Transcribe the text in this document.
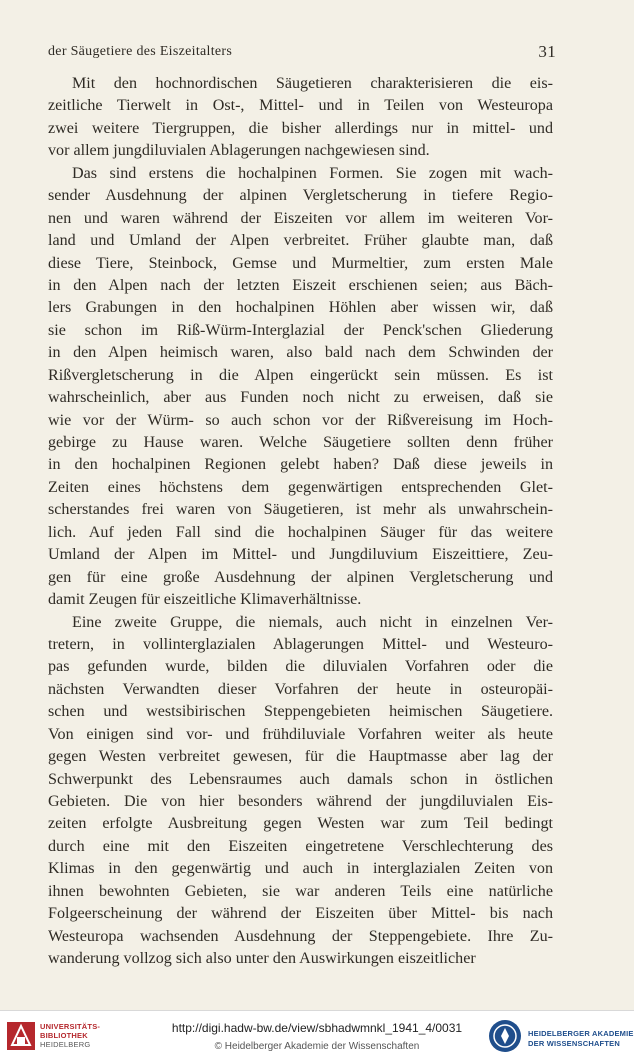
der Säugetiere des Eiszeitalters	31
Mit den hochnordischen Säugetieren charakterisieren die eis-
zeitliche Tierwelt in Ost-, Mittel- und in Teilen von Westeuropa
zwei weitere Tiergruppen, die bisher allerdings nur in mittel- und
vor allem jungdiluvialen Ablagerungen nachgewiesen sind.
Das sind erstens die hochalpinen Formen. Sie zogen mit wach-
sender Ausdehnung der alpinen Vergletscherung in tiefere Regio-
nen und waren während der Eiszeiten vor allem im weiteren Vor-
land und Umland der Alpen verbreitet. Früher glaubte man, daß
diese Tiere, Steinbock, Gemse und Murmeltier, zum ersten Male
in den Alpen nach der letzten Eiszeit erschienen seien; aus Bäch-
lers Grabungen in den hochalpinen Höhlen aber wissen wir, daß
sie schon im Riß-Würm-Interglazial der Penck'schen Gliederung
in den Alpen heimisch waren, also bald nach dem Schwinden der
Rißvergletscherung in die Alpen eingerückt sein müssen. Es ist
wahrscheinlich, aber aus Funden noch nicht zu erweisen, daß sie
wie vor der Würm- so auch schon vor der Rißvereisung im Hoch-
gebirge zu Hause waren. Welche Säugetiere sollten denn früher
in den hochalpinen Regionen gelebt haben? Daß diese jeweils in
Zeiten eines höchstens dem gegenwärtigen entsprechenden Glet-
scherstandes frei waren von Säugetieren, ist mehr als unwahrschein-
lich. Auf jeden Fall sind die hochalpinen Säuger für das weitere
Umland der Alpen im Mittel- und Jungdiluvium Eiszeittiere, Zeu-
gen für eine große Ausdehnung der alpinen Vergletscherung und
damit Zeugen für eiszeitliche Klimaverhältnisse.
Eine zweite Gruppe, die niemals, auch nicht in einzelnen Ver-
tretern, in vollinterglazialen Ablagerungen Mittel- und Westeuro-
pas gefunden wurde, bilden die diluvialen Vorfahren oder die
nächsten Verwandten dieser Vorfahren der heute in osteuropäi-
schen und westsibirischen Steppengebieten heimischen Säugetiere.
Von einigen sind vor- und frühdiluviale Vorfahren weiter als heute
gegen Westen verbreitet gewesen, für die Hauptmasse aber lag der
Schwerpunkt des Lebensraumes auch damals schon in östlichen
Gebieten. Die von hier besonders während der jungdiluvialen Eis-
zeiten erfolgte Ausbreitung gegen Westen war zum Teil bedingt
durch eine mit den Eiszeiten eingetretene Verschlechterung des
Klimas in den gegenwärtig und auch in interglazialen Zeiten von
ihnen bewohnten Gebieten, sie war anderen Teils eine natürliche
Folgeerscheinung der während der Eiszeiten über Mittel- bis nach
Westeuropa wachsenden Ausdehnung der Steppengebiete. Ihre Zu-
wanderung vollzog sich also unter den Auswirkungen eiszeitlicher
UNIVERSITÄTS-
BIBLIOTHEK
HEIDELBERG
http://digi.hadw-bw.de/view/sbhadwmnkl_1941_4/0031
© Heidelberger Akademie der Wissenschaften
HEIDELBERGER AKADEMIE
DER WISSENSCHAFTEN
